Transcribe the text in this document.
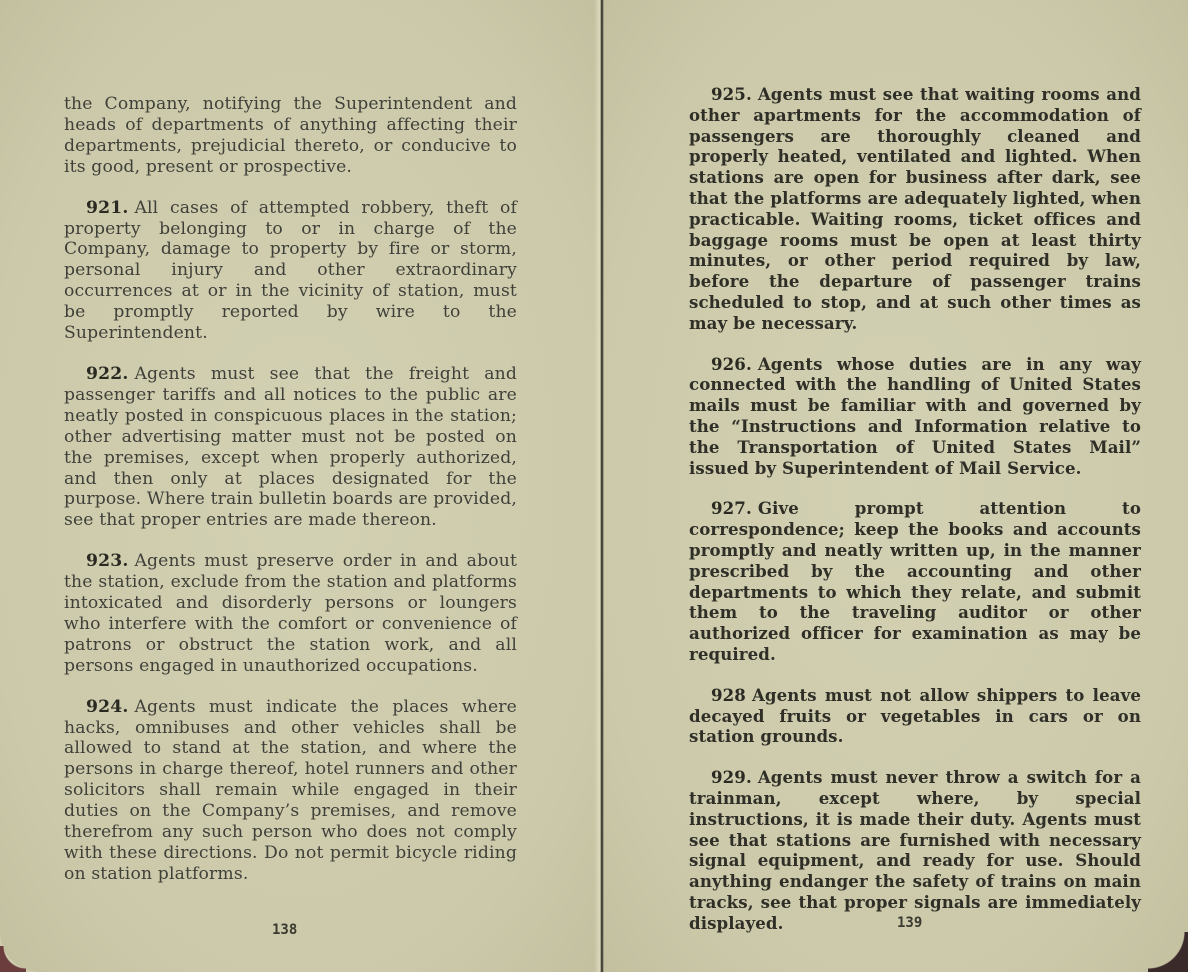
the Company, notifying the Superintendent and heads of departments of anything affecting their departments, prejudicial thereto, or conducive to its good, present or prospective.

921. All cases of attempted robbery, theft of property belonging to or in charge of the Company, damage to property by fire or storm, personal injury and other extraordinary occurrences at or in the vicinity of station, must be promptly reported by wire to the Superintendent.

922. Agents must see that the freight and passenger tariffs and all notices to the public are neatly posted in conspicuous places in the station; other advertising matter must not be posted on the premises, except when properly authorized, and then only at places designated for the purpose. Where train bulletin boards are provided, see that proper entries are made thereon.

923. Agents must preserve order in and about the station, exclude from the station and platforms intoxicated and disorderly persons or loungers who interfere with the comfort or convenience of patrons or obstruct the station work, and all persons engaged in unauthorized occupations.

924. Agents must indicate the places where hacks, omnibuses and other vehicles shall be allowed to stand at the station, and where the persons in charge thereof, hotel runners and other solicitors shall remain while engaged in their duties on the Company’s premises, and remove therefrom any such person who does not comply with these directions. Do not permit bicycle riding on station platforms.

138

925. Agents must see that waiting rooms and other apartments for the accommodation of passengers are thoroughly cleaned and properly heated, ventilated and lighted. When stations are open for business after dark, see that the platforms are adequately lighted, when practicable. Waiting rooms, ticket offices and baggage rooms must be open at least thirty minutes, or other period required by law, before the departure of passenger trains scheduled to stop, and at such other times as may be necessary.

926. Agents whose duties are in any way connected with the handling of United States mails must be familiar with and governed by the “Instructions and Information relative to the Transportation of United States Mail” issued by Superintendent of Mail Service.

927. Give prompt attention to correspondence; keep the books and accounts promptly and neatly written up, in the manner prescribed by the accounting and other departments to which they relate, and submit them to the traveling auditor or other authorized officer for examination as may be required.

928 Agents must not allow shippers to leave decayed fruits or vegetables in cars or on station grounds.

929. Agents must never throw a switch for a trainman, except where, by special instructions, it is made their duty. Agents must see that stations are furnished with necessary signal equipment, and ready for use. Should anything endanger the safety of trains on main tracks, see that proper signals are immediately displayed.	139
